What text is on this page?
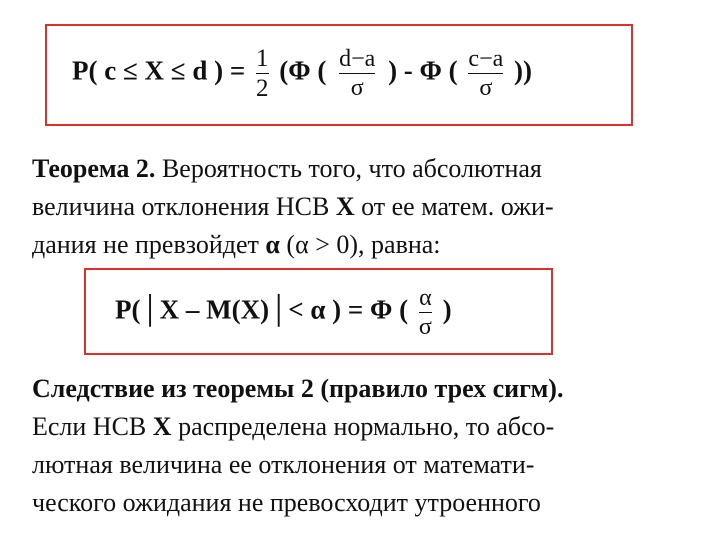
P( c ≤ X ≤ d ) = $\frac{1}{2} (\Phi$ ( $\frac{d-a}{\sigma}$ ) - Φ ( $\frac{c-a}{\sigma}$ ))
Теорема 2. Вероятность того, что абсолютная
величина отклонения НСВ X от ее матем. ожи-
дания не превзойдет α (α > 0), равна:
P(│X – M(X)│< α ) = Φ ( $\frac{\alpha}{\sigma}$ )
Следствие из теоремы 2 (правило трех сигм).
Если НСВ X распределена нормально, то абсо-
лютная величина ее отклонения от математи-
ческого ожидания не превосходит утроенного
